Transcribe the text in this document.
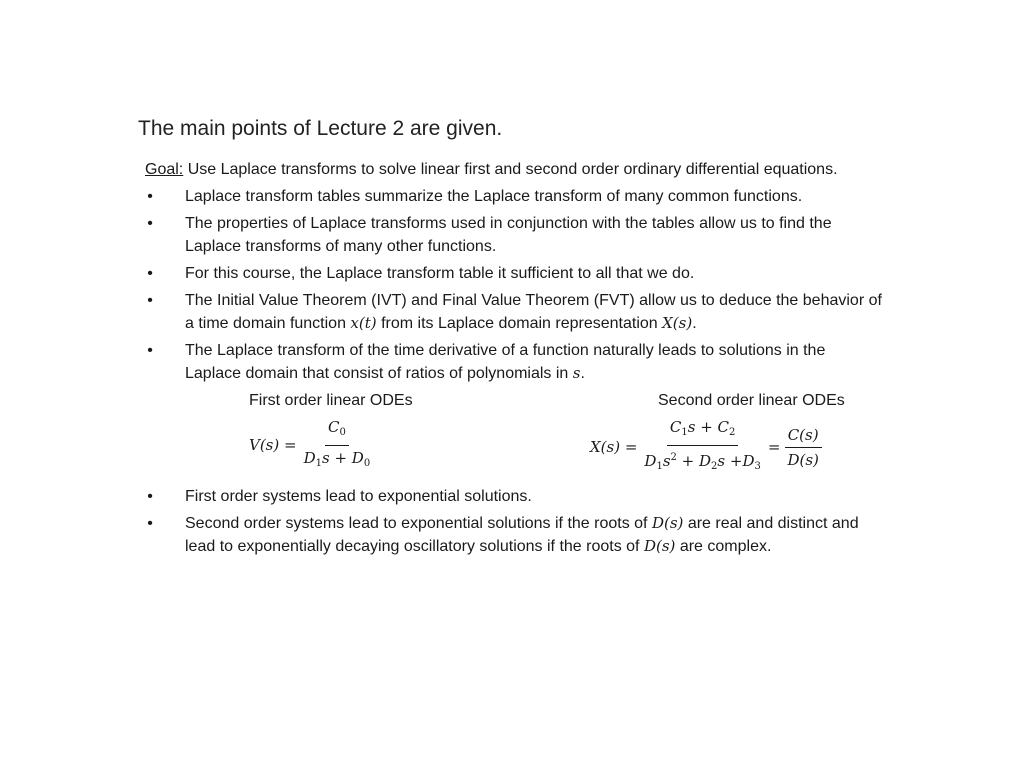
The main points of Lecture 2 are given.

Goal: Use Laplace transforms to solve linear first and second order ordinary differential equations.

• Laplace transform tables summarize the Laplace transform of many common functions.
• The properties of Laplace transforms used in conjunction with the tables allow us to find the Laplace transforms of many other functions.
• For this course, the Laplace transform table it sufficient to all that we do.
• The Initial Value Theorem (IVT) and Final Value Theorem (FVT) allow us to deduce the behavior of a time domain function x(t) from its Laplace domain representation X(s).
• The Laplace transform of the time derivative of a function naturally leads to solutions in the Laplace domain that consist of ratios of polynomials in s.
First order linear ODEs	Second order linear ODEs
$V(s) = \frac{C_0}{D_1s + D_0}$	$X(s) = \frac{C_1s + C_2}{D_1s^2 + D_2s +D_3} = \frac{C(s)}{D(s)}$
• First order systems lead to exponential solutions.
• Second order systems lead to exponential solutions if the roots of D(s) are real and distinct and lead to exponentially decaying oscillatory solutions if the roots of D(s) are complex.
